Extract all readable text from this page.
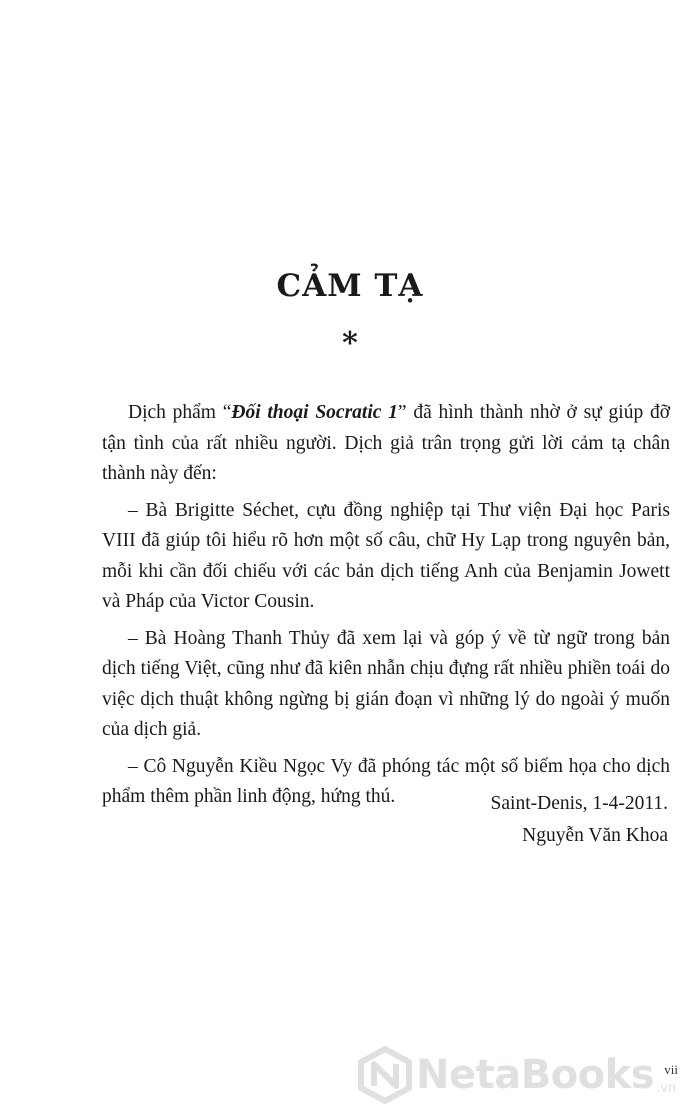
CẢM TẠ
*

Dịch phẩm “Đối thoại Socratic 1” đã hình thành nhờ ở sự giúp đỡ tận tình của rất nhiều người. Dịch giả trân trọng gửi lời cảm tạ chân thành này đến:

– Bà Brigitte Séchet, cựu đồng nghiệp tại Thư viện Đại học Paris VIII đã giúp tôi hiểu rõ hơn một số câu, chữ Hy Lạp trong nguyên bản, mỗi khi cần đối chiếu với các bản dịch tiếng Anh của Benjamin Jowett và Pháp của Victor Cousin.

– Bà Hoàng Thanh Thủy đã xem lại và góp ý về từ ngữ trong bản dịch tiếng Việt, cũng như đã kiên nhẫn chịu đựng rất nhiều phiền toái do việc dịch thuật không ngừng bị gián đoạn vì những lý do ngoài ý muốn của dịch giả.

– Cô Nguyễn Kiều Ngọc Vy đã phóng tác một số biếm họa cho dịch phẩm thêm phần linh động, hứng thú.	Saint-Denis, 1-4-2011.
Nguyễn Văn Khoa
vii
NetaBooks .vn
